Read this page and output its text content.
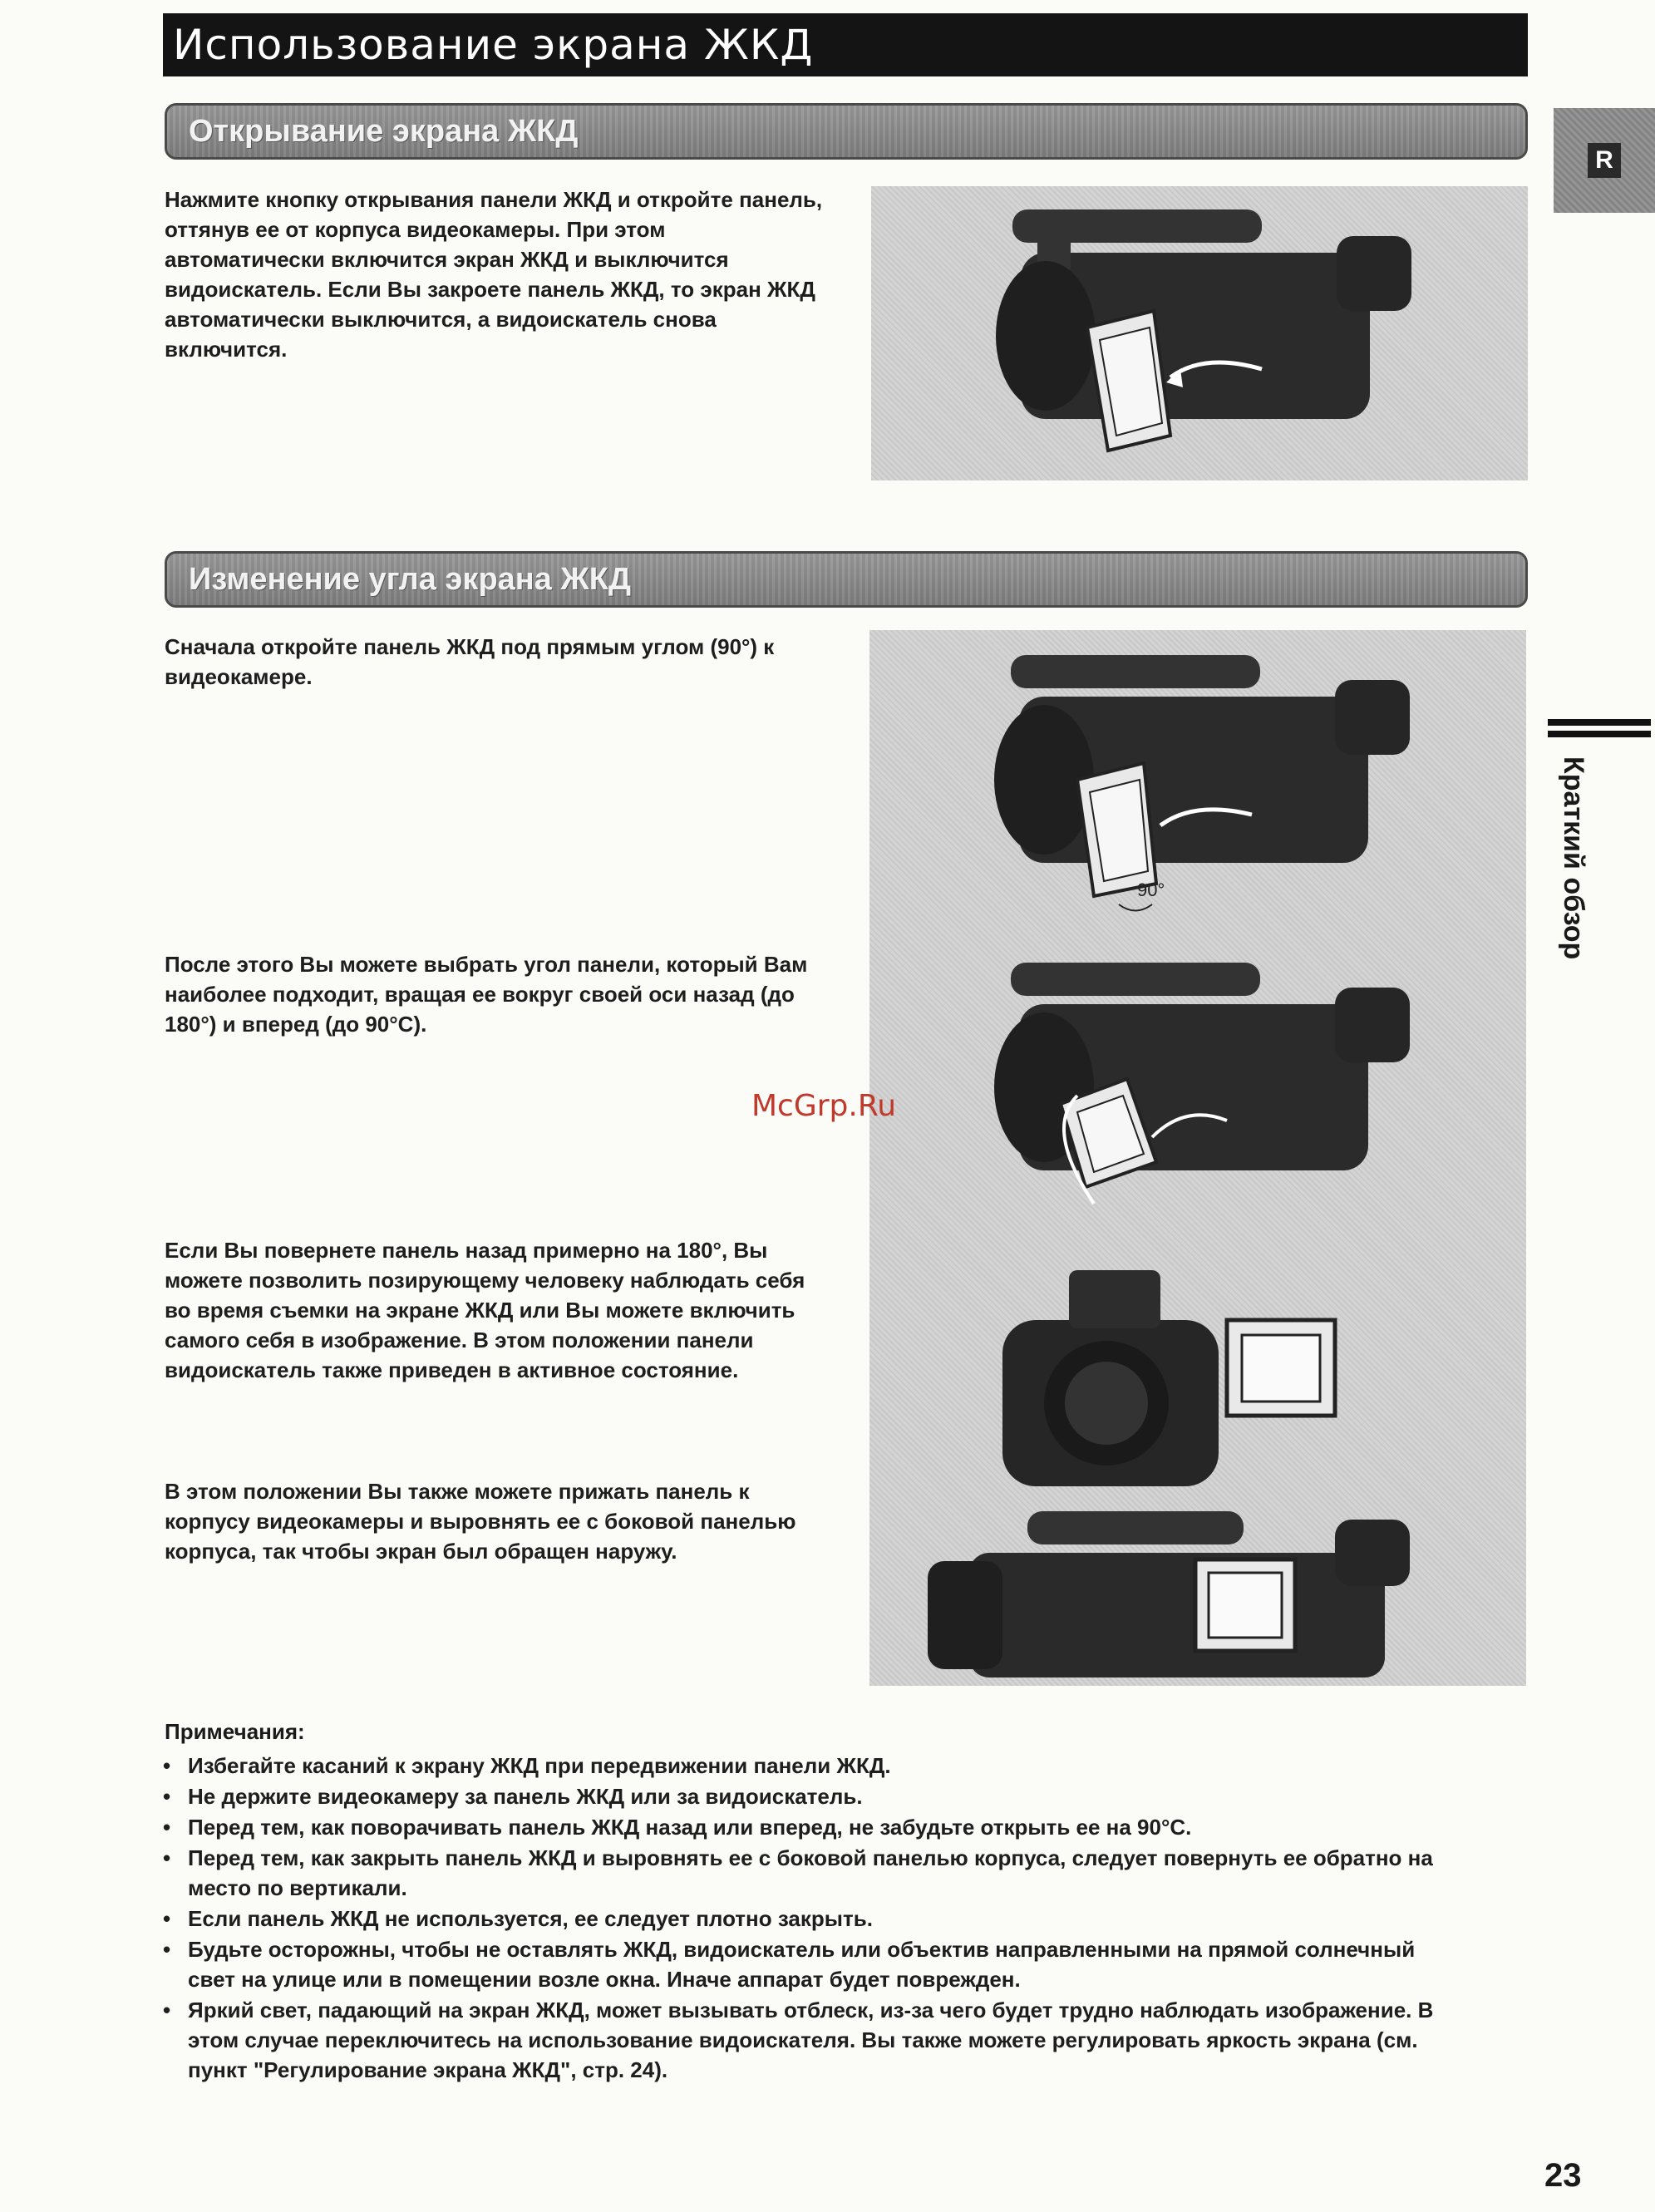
Использование экрана ЖКД
R
Краткий обзор
Открывание экрана ЖКД
Нажмите кнопку открывания панели ЖКД и откройте панель, оттянув ее от корпуса видеокамеры. При этом автоматически включится экран ЖКД и выключится видоискатель. Если Вы закроете панель ЖКД, то экран ЖКД автоматически выключится, а видоискатель снова включится.
Изменение угла экрана ЖКД
Сначала откройте панель ЖКД под прямым углом (90°) к видеокамере.
После этого Вы можете выбрать угол панели, который Вам наиболее подходит, вращая ее вокруг своей оси назад (до 180°) и вперед (до 90°С).
Если Вы повернете панель назад примерно на 180°, Вы можете позволить позирующему человеку наблюдать себя во время съемки на экране ЖКД или Вы можете включить самого себя в изображение. В этом положении панели видоискатель также приведен в активное состояние.
В этом положении Вы также можете прижать панель к корпусу видеокамеры и выровнять ее с боковой панелью корпуса, так чтобы экран был обращен наружу.
90°
McGrp.Ru
Примечания:
• Избегайте касаний к экрану ЖКД при передвижении панели ЖКД.
• Не держите видеокамеру за панель ЖКД или за видоискатель.
• Перед тем, как поворачивать панель ЖКД назад или вперед, не забудьте открыть ее на 90°С.
• Перед тем, как закрыть панель ЖКД и выровнять ее с боковой панелью корпуса, следует повернуть ее обратно на место по вертикали.
• Если панель ЖКД не используется, ее следует плотно закрыть.
• Будьте осторожны, чтобы не оставлять ЖКД, видоискатель или объектив направленными на прямой солнечный свет на улице или в помещении возле окна. Иначе аппарат будет поврежден.
• Яркий свет, падающий на экран ЖКД, может вызывать отблеск, из-за чего будет трудно наблюдать изображение. В этом случае переключитесь на использование видоискателя. Вы также можете регулировать яркость экрана (см. пункт "Регулирование экрана ЖКД", стр. 24).
23
